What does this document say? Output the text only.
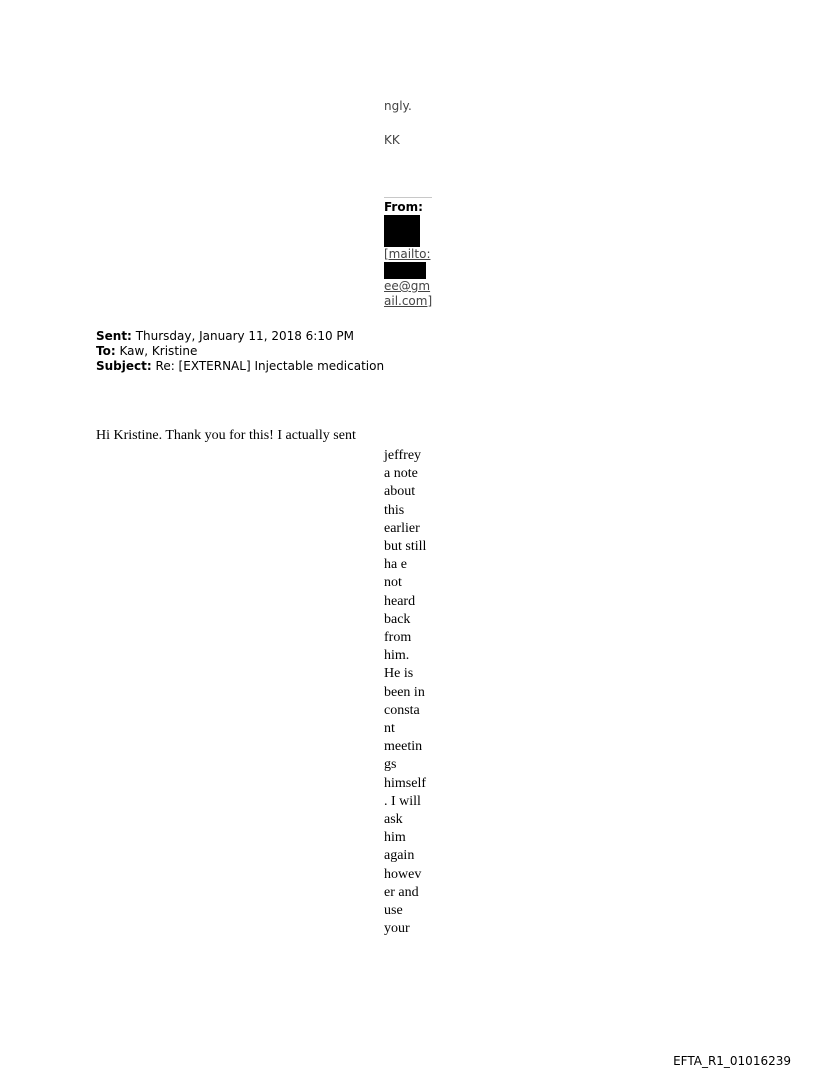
ngly.
KK
From:
[mailto:
ee@gm
ail.com]
Sent: Thursday, January 11, 2018 6:10 PM
To: Kaw, Kristine
Subject: Re: [EXTERNAL] Injectable medication
Hi Kristine. Thank you for this! I actually sent
jeffrey
a note
about
this
earlier
but still
ha e
not
heard
back
from
him.
He is
been in
consta
nt
meetin
gs
himself
. I will
ask
him
again
howev
er and
use
your
EFTA_R1_01016239
